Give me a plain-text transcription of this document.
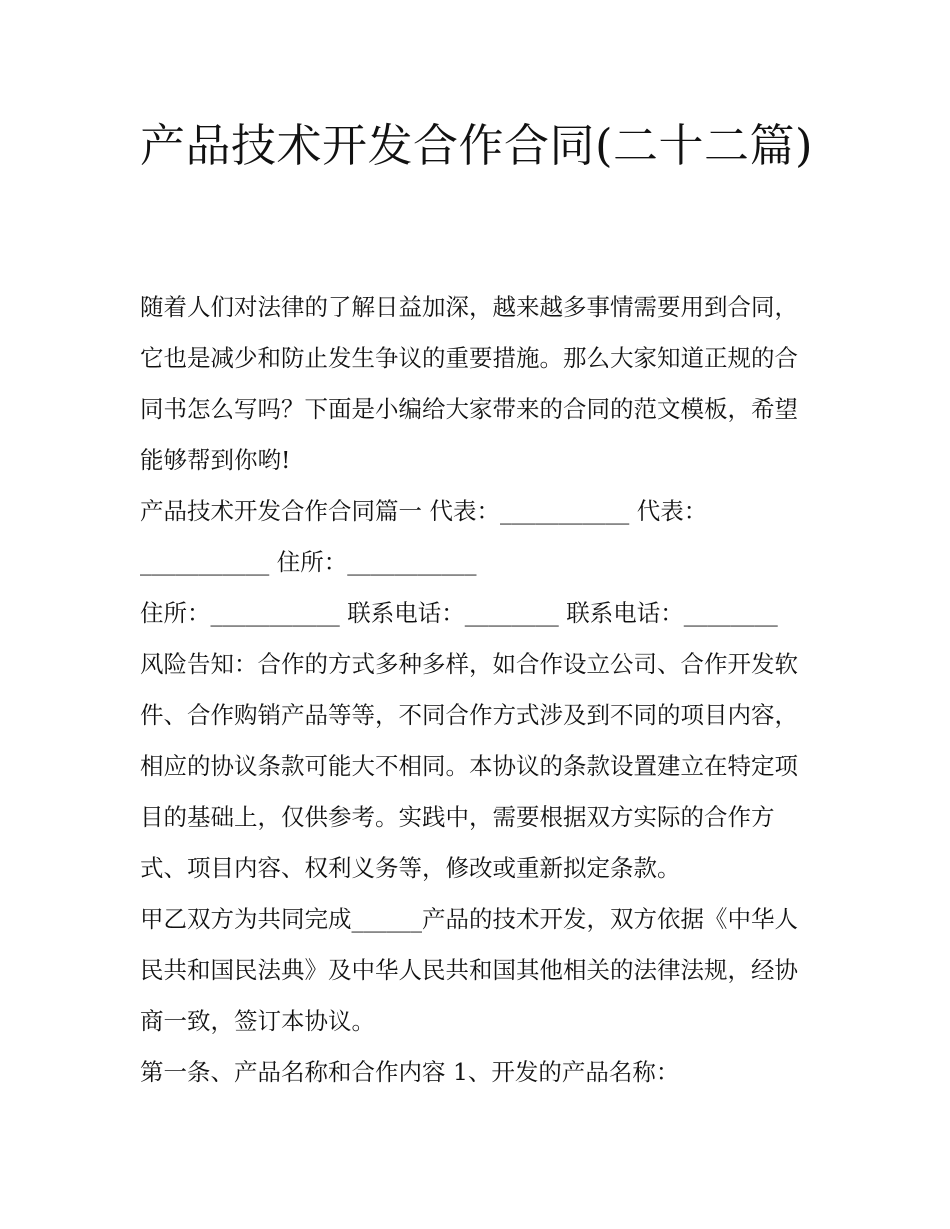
产品技术开发合作合同(二十二篇)

随着人们对法律的了解日益加深，越来越多事情需要用到合同，它也是减少和防止发生争议的重要措施。那么大家知道正规的合同书怎么写吗？下面是小编给大家带来的合同的范文模板，希望能够帮到你哟!

产品技术开发合作合同篇一 代表：___________ 代表：___________ 住所：___________

住所：___________ 联系电话：________ 联系电话：________

风险告知：合作的方式多种多样，如合作设立公司、合作开发软件、合作购销产品等等，不同合作方式涉及到不同的项目内容，相应的协议条款可能大不相同。本协议的条款设置建立在特定项目的基础上，仅供参考。实践中，需要根据双方实际的合作方式、项目内容、权利义务等，修改或重新拟定条款。

甲乙双方为共同完成______产品的技术开发，双方依据《中华人民共和国民法典》及中华人民共和国其他相关的法律法规，经协商一致，签订本协议。

第一条、产品名称和合作内容 1、开发的产品名称：
